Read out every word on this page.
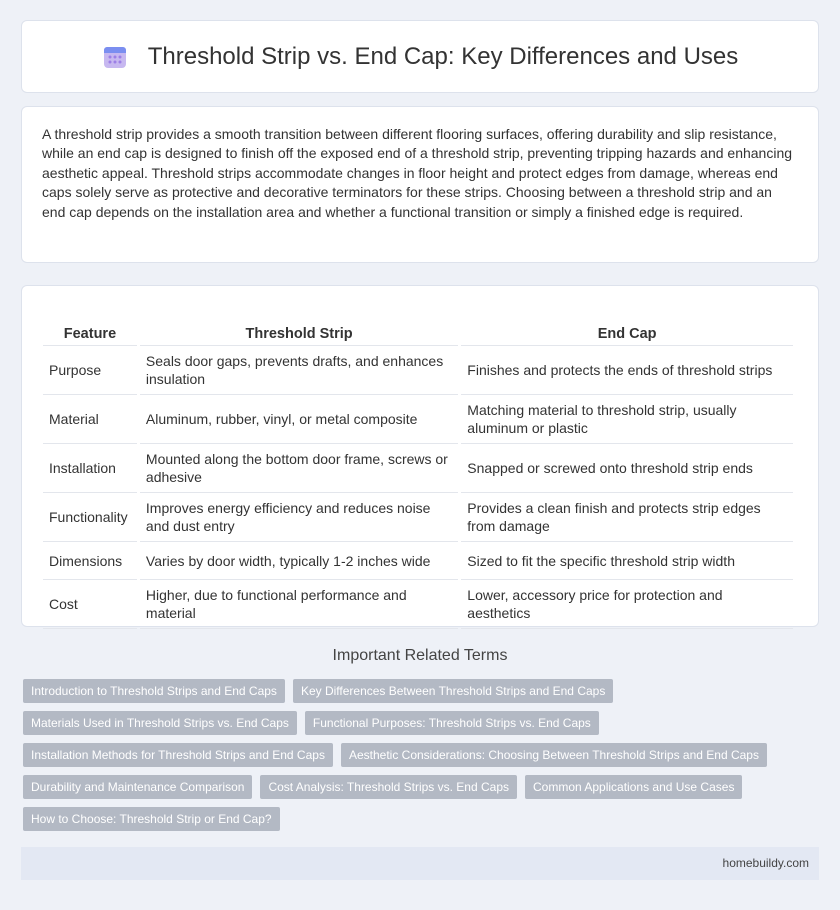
Threshold Strip vs. End Cap: Key Differences and Uses

A threshold strip provides a smooth transition between different flooring surfaces, offering durability and slip resistance, while an end cap is designed to finish off the exposed end of a threshold strip, preventing tripping hazards and enhancing aesthetic appeal. Threshold strips accommodate changes in floor height and protect edges from damage, whereas end caps solely serve as protective and decorative terminators for these strips. Choosing between a threshold strip and an end cap depends on the installation area and whether a functional transition or simply a finished edge is required.

Feature	Threshold Strip	End Cap
Purpose	Seals door gaps, prevents drafts, and enhances insulation	Finishes and protects the ends of threshold strips
Material	Aluminum, rubber, vinyl, or metal composite	Matching material to threshold strip, usually aluminum or plastic
Installation	Mounted along the bottom door frame, screws or adhesive	Snapped or screwed onto threshold strip ends
Functionality	Improves energy efficiency and reduces noise and dust entry	Provides a clean finish and protects strip edges from damage
Dimensions	Varies by door width, typically 1-2 inches wide	Sized to fit the specific threshold strip width
Cost	Higher, due to functional performance and material	Lower, accessory price for protection and aesthetics
Important Related Terms
Introduction to Threshold Strips and End Caps	Key Differences Between Threshold Strips and End Caps
Materials Used in Threshold Strips vs. End Caps	Functional Purposes: Threshold Strips vs. End Caps
Installation Methods for Threshold Strips and End Caps	Aesthetic Considerations: Choosing Between Threshold Strips and End Caps
Durability and Maintenance Comparison	Cost Analysis: Threshold Strips vs. End Caps	Common Applications and Use Cases
How to Choose: Threshold Strip or End Cap?
homebuildy.com
